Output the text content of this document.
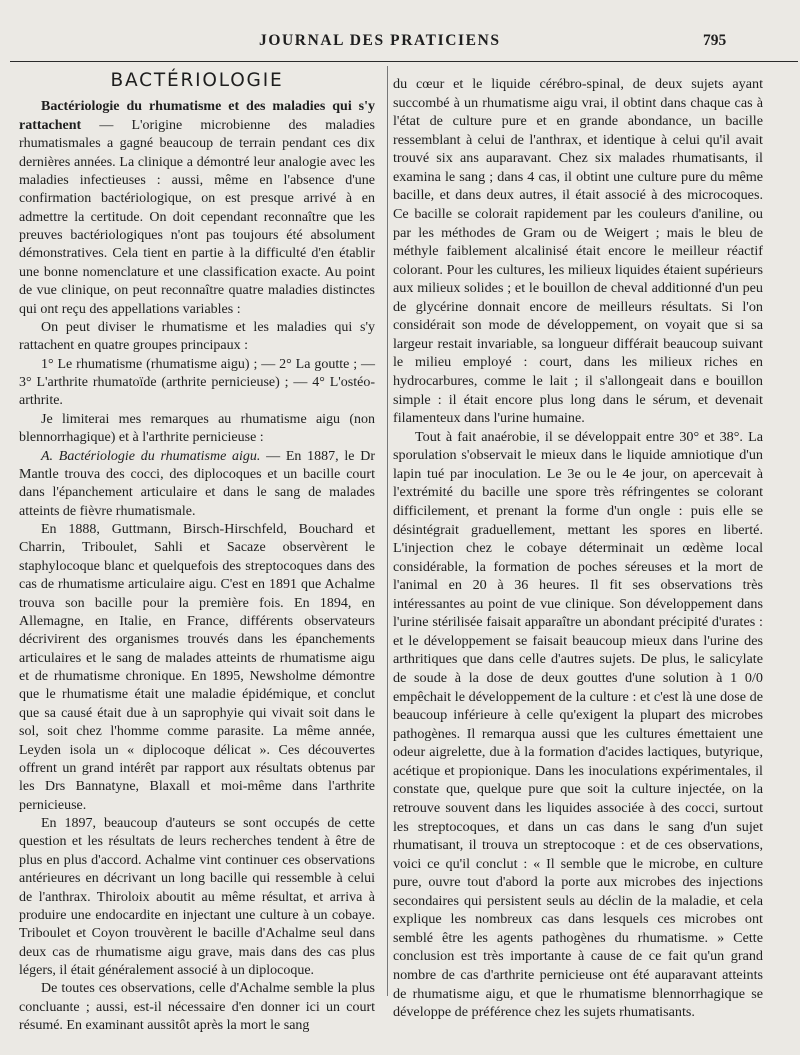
JOURNAL DES PRATICIENS	795
BACTÉRIOLOGIE

Bactériologie du rhumatisme et des maladies qui s'y rattachent — L'origine microbienne des maladies rhumatismales a gagné beaucoup de terrain pendant ces dix dernières années. La clinique a démontré leur analogie avec les maladies infectieuses : aussi, même en l'absence d'une confirmation bactériologique, on est presque arrivé à en admettre la certitude. On doit cependant reconnaître que les preuves bactériologiques n'ont pas toujours été absolument démonstratives. Cela tient en partie à la difficulté d'en établir une bonne nomenclature et une classification exacte. Au point de vue clinique, on peut reconnaître quatre maladies distinctes qui ont reçu des appellations variables :

On peut diviser le rhumatisme et les maladies qui s'y rattachent en quatre groupes principaux :

1° Le rhumatisme (rhumatisme aigu) ; — 2° La goutte ; — 3° L'arthrite rhumatoïde (arthrite pernicieuse) ; — 4° L'ostéo-arthrite.

Je limiterai mes remarques au rhumatisme aigu (non blennorrhagique) et à l'arthrite pernicieuse :

A. Bactériologie du rhumatisme aigu. — En 1887, le Dr Mantle trouva des cocci, des diplocoques et un bacille court dans l'épanchement articulaire et dans le sang de malades atteints de fièvre rhumatismale.

En 1888, Guttmann, Birsch-Hirschfeld, Bouchard et Charrin, Triboulet, Sahli et Sacaze observèrent le staphylocoque blanc et quelquefois des streptocoques dans des cas de rhumatisme articulaire aigu. C'est en 1891 que Achalme trouva son bacille pour la première fois. En 1894, en Allemagne, en Italie, en France, différents observateurs décrivirent des organismes trouvés dans les épanchements articulaires et le sang de malades atteints de rhumatisme aigu et de rhumatisme chronique. En 1895, Newsholme démontre que le rhumatisme était une maladie épidémique, et conclut que sa causé était due à un saprophyie qui vivait soit dans le sol, soit chez l'homme comme parasite. La même année, Leyden isola un « diplocoque délicat ». Ces découvertes offrent un grand intérêt par rapport aux résultats obtenus par les Drs Bannatyne, Blaxall et moi-même dans l'arthrite pernicieuse.

En 1897, beaucoup d'auteurs se sont occupés de cette question et les résultats de leurs recherches tendent à être de plus en plus d'accord. Achalme vint continuer ces observations antérieures en décrivant un long bacille qui ressemble à celui de l'anthrax. Thiroloix aboutit au même résultat, et arriva à produire une endocardite en injectant une culture à un cobaye. Triboulet et Coyon trouvèrent le bacille d'Achalme seul dans deux cas de rhumatisme aigu grave, mais dans des cas plus légers, il était généralement associé à un diplocoque.

De toutes ces observations, celle d'Achalme semble la plus concluante ; aussi, est-il nécessaire d'en donner ici un court résumé. En examinant aussitôt après la mort le sang

du cœur et le liquide cérébro-spinal, de deux sujets ayant succombé à un rhumatisme aigu vrai, il obtint dans chaque cas à l'état de culture pure et en grande abondance, un bacille ressemblant à celui de l'anthrax, et identique à celui qu'il avait trouvé six ans auparavant. Chez six malades rhumatisants, il examina le sang ; dans 4 cas, il obtint une culture pure du même bacille, et dans deux autres, il était associé à des microcoques. Ce bacille se colorait rapidement par les couleurs d'aniline, ou par les méthodes de Gram ou de Weigert ; mais le bleu de méthyle faiblement alcalinisé était encore le meilleur réactif colorant. Pour les cultures, les milieux liquides étaient supérieurs aux milieux solides ; et le bouillon de cheval additionné d'un peu de glycérine donnait encore de meilleurs résultats. Si l'on considérait son mode de développement, on voyait que si sa largeur restait invariable, sa longueur différait beaucoup suivant le milieu employé : court, dans les milieux riches en hydrocarbures, comme le lait ; il s'allongeait dans e bouillon simple : il était encore plus long dans le sérum, et devenait filamenteux dans l'urine humaine.

Tout à fait anaérobie, il se développait entre 30° et 38°. La sporulation s'observait le mieux dans le liquide amniotique d'un lapin tué par inoculation. Le 3e ou le 4e jour, on apercevait à l'extrémité du bacille une spore très réfringentes se colorant difficilement, et prenant la forme d'un ongle : puis elle se désintégrait graduellement, mettant les spores en liberté. L'injection chez le cobaye déterminait un œdème local considérable, la formation de poches séreuses et la mort de l'animal en 20 à 36 heures. Il fit ses observations très intéressantes au point de vue clinique. Son développement dans l'urine stérilisée faisait apparaître un abondant précipité d'urates : et le développement se faisait beaucoup mieux dans l'urine des arthritiques que dans celle d'autres sujets. De plus, le salicylate de soude à la dose de deux gouttes d'une solution à 1 0/0 empêchait le développement de la culture : et c'est là une dose de beaucoup inférieure à celle qu'exigent la plupart des microbes pathogènes. Il remarqua aussi que les cultures émettaient une odeur aigrelette, due à la formation d'acides lactiques, butyrique, acétique et propionique. Dans les inoculations expérimentales, il constate que, quelque pure que soit la culture injectée, on la retrouve souvent dans les liquides associée à des cocci, surtout les streptocoques, et dans un cas dans le sang d'un sujet rhumatisant, il trouva un streptocoque : et de ces observations, voici ce qu'il conclut : « Il semble que le microbe, en culture pure, ouvre tout d'abord la porte aux microbes des injections secondaires qui persistent seuls au déclin de la maladie, et cela explique les nombreux cas dans lesquels ces microbes ont semblé être les agents pathogènes du rhumatisme. » Cette conclusion est très importante à cause de ce fait qu'un grand nombre de cas d'arthrite pernicieuse ont été auparavant atteints de rhumatisme aigu, et que le rhumatisme blennorrhagique se développe de préférence chez les sujets rhumatisants.
